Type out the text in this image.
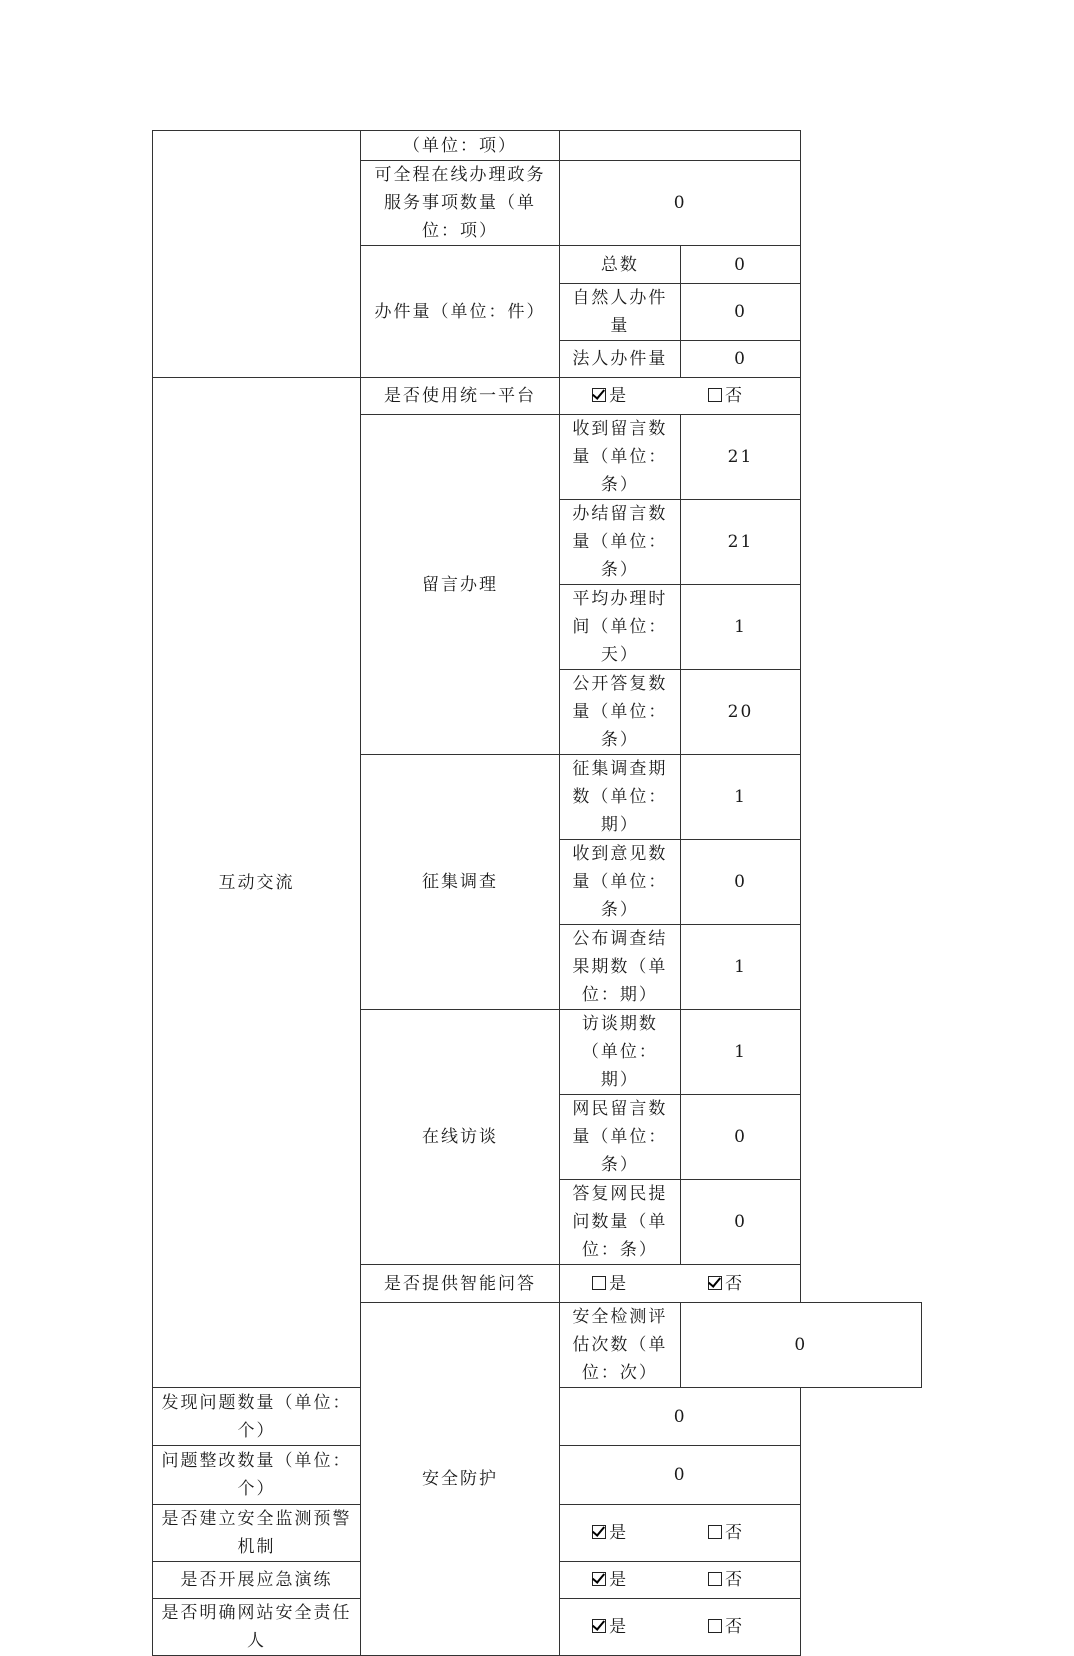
	（单位：项）		
	可全程在线办理政务服务事项数量（单位：项）	0	
	办件量（单位：件）	总数	0
		自然人办件量	0
		法人办件量	0
互动交流	是否使用统一平台	是 否	
	留言办理	收到留言数量（单位：条）	21
		办结留言数量（单位：条）	21
		平均办理时间（单位：天）	1
		公开答复数量（单位：条）	20
	征集调查	征集调查期数（单位：期）	1
		收到意见数量（单位：条）	0
		公布调查结果期数（单位：期）	1
	在线访谈	访谈期数（单位：期）	1
		网民留言数量（单位：条）	0
		答复网民提问数量（单位：条）	0
	是否提供智能问答	是 否	
	安全防护	安全检测评估次数（单位：次）	0
发现问题数量（单位：个）		0	
问题整改数量（单位：个）		0	
是否建立安全监测预警机制		是 否	
是否开展应急演练		是 否	
是否明确网站安全责任人		是 否	
